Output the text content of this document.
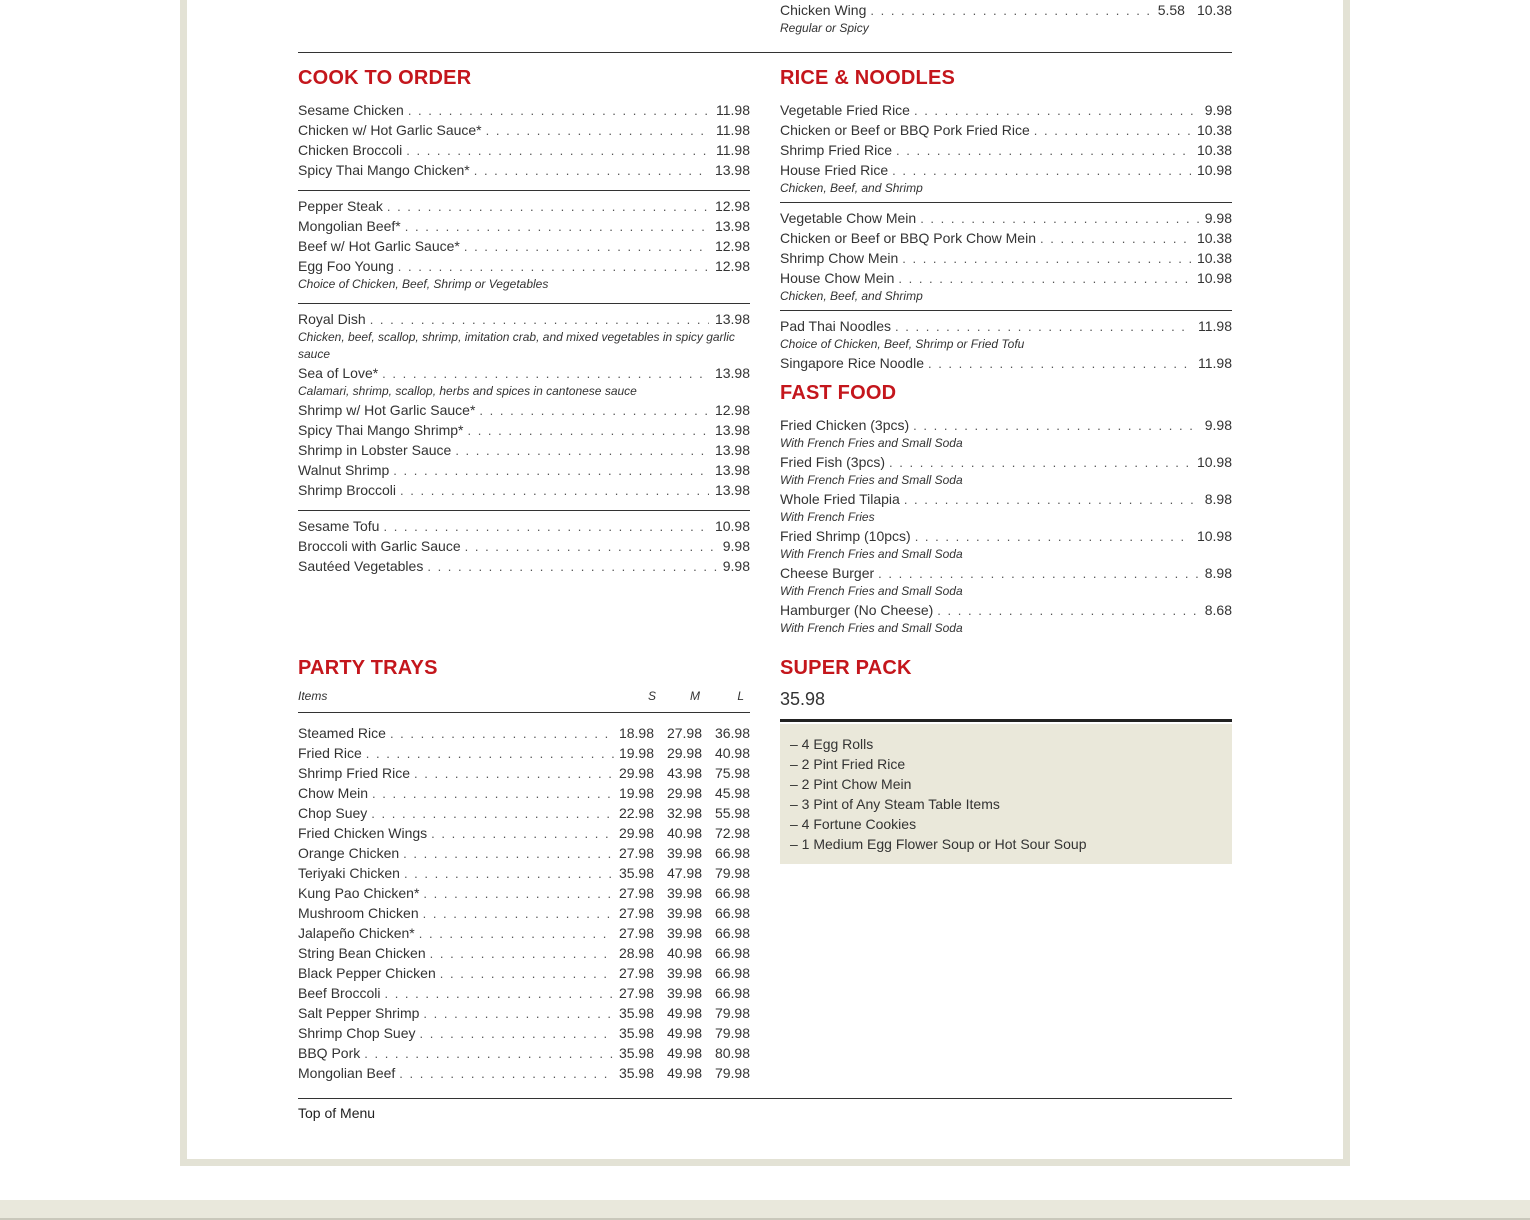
Chicken Wing . . .	5.58 10.38
Regular or Spicy
COOK TO ORDER
Sesame Chicken . . .	11.98
Chicken w/ Hot Garlic Sauce* . . .	11.98
Chicken Broccoli . . .	11.98
Spicy Thai Mango Chicken* . . .	13.98
Pepper Steak . . .	12.98
Mongolian Beef* . . .	13.98
Beef w/ Hot Garlic Sauce* . . .	12.98
Egg Foo Young . . .	12.98
Choice of Chicken, Beef, Shrimp or Vegetables
Royal Dish . . .	13.98
Chicken, beef, scallop, shrimp, imitation crab, and mixed vegetables in spicy garlic sauce
Sea of Love* . . .	13.98
Calamari, shrimp, scallop, herbs and spices in cantonese sauce
Shrimp w/ Hot Garlic Sauce* . . .	12.98
Spicy Thai Mango Shrimp* . . .	13.98
Shrimp in Lobster Sauce . . .	13.98
Walnut Shrimp . . .	13.98
Shrimp Broccoli . . .	13.98
Sesame Tofu . . .	10.98
Broccoli with Garlic Sauce . . .	9.98
Sautéed Vegetables . . .	9.98
RICE & NOODLES
Vegetable Fried Rice . . .	9.98
Chicken or Beef or BBQ Pork Fried Rice . . .	10.38
Shrimp Fried Rice . . .	10.38
House Fried Rice . . .	10.98
Chicken, Beef, and Shrimp
Vegetable Chow Mein . . .	9.98
Chicken or Beef or BBQ Pork Chow Mein . . .	10.38
Shrimp Chow Mein . . .	10.38
House Chow Mein . . .	10.98
Chicken, Beef, and Shrimp
Pad Thai Noodles . . .	11.98
Choice of Chicken, Beef, Shrimp or Fried Tofu
Singapore Rice Noodle . . .	11.98
FAST FOOD
Fried Chicken (3pcs) . . .	9.98
With French Fries and Small Soda
Fried Fish (3pcs) . . .	10.98
With French Fries and Small Soda
Whole Fried Tilapia . . .	8.98
With French Fries
Fried Shrimp (10pcs) . . .	10.98
With French Fries and Small Soda
Cheese Burger . . .	8.98
With French Fries and Small Soda
Hamburger (No Cheese) . . .	8.68
With French Fries and Small Soda
PARTY TRAYS
Items	S	M	L
Steamed Rice . . .	18.98 27.98 36.98
Fried Rice . . .	19.98 29.98 40.98
Shrimp Fried Rice . . .	29.98 43.98 75.98
Chow Mein . . .	19.98 29.98 45.98
Chop Suey . . .	22.98 32.98 55.98
Fried Chicken Wings . . .	29.98 40.98 72.98
Orange Chicken . . .	27.98 39.98 66.98
Teriyaki Chicken . . .	35.98 47.98 79.98
Kung Pao Chicken* . . .	27.98 39.98 66.98
Mushroom Chicken . . .	27.98 39.98 66.98
Jalapeño Chicken* . . .	27.98 39.98 66.98
String Bean Chicken . . .	28.98 40.98 66.98
Black Pepper Chicken . . .	27.98 39.98 66.98
Beef Broccoli . . .	27.98 39.98 66.98
Salt Pepper Shrimp . . .	35.98 49.98 79.98
Shrimp Chop Suey . . .	35.98 49.98 79.98
BBQ Pork . . .	35.98 49.98 80.98
Mongolian Beef . . .	35.98 49.98 79.98
SUPER PACK
35.98
– 4 Egg Rolls
– 2 Pint Fried Rice
– 2 Pint Chow Mein
– 3 Pint of Any Steam Table Items
– 4 Fortune Cookies
– 1 Medium Egg Flower Soup or Hot Sour Soup
Top of Menu
